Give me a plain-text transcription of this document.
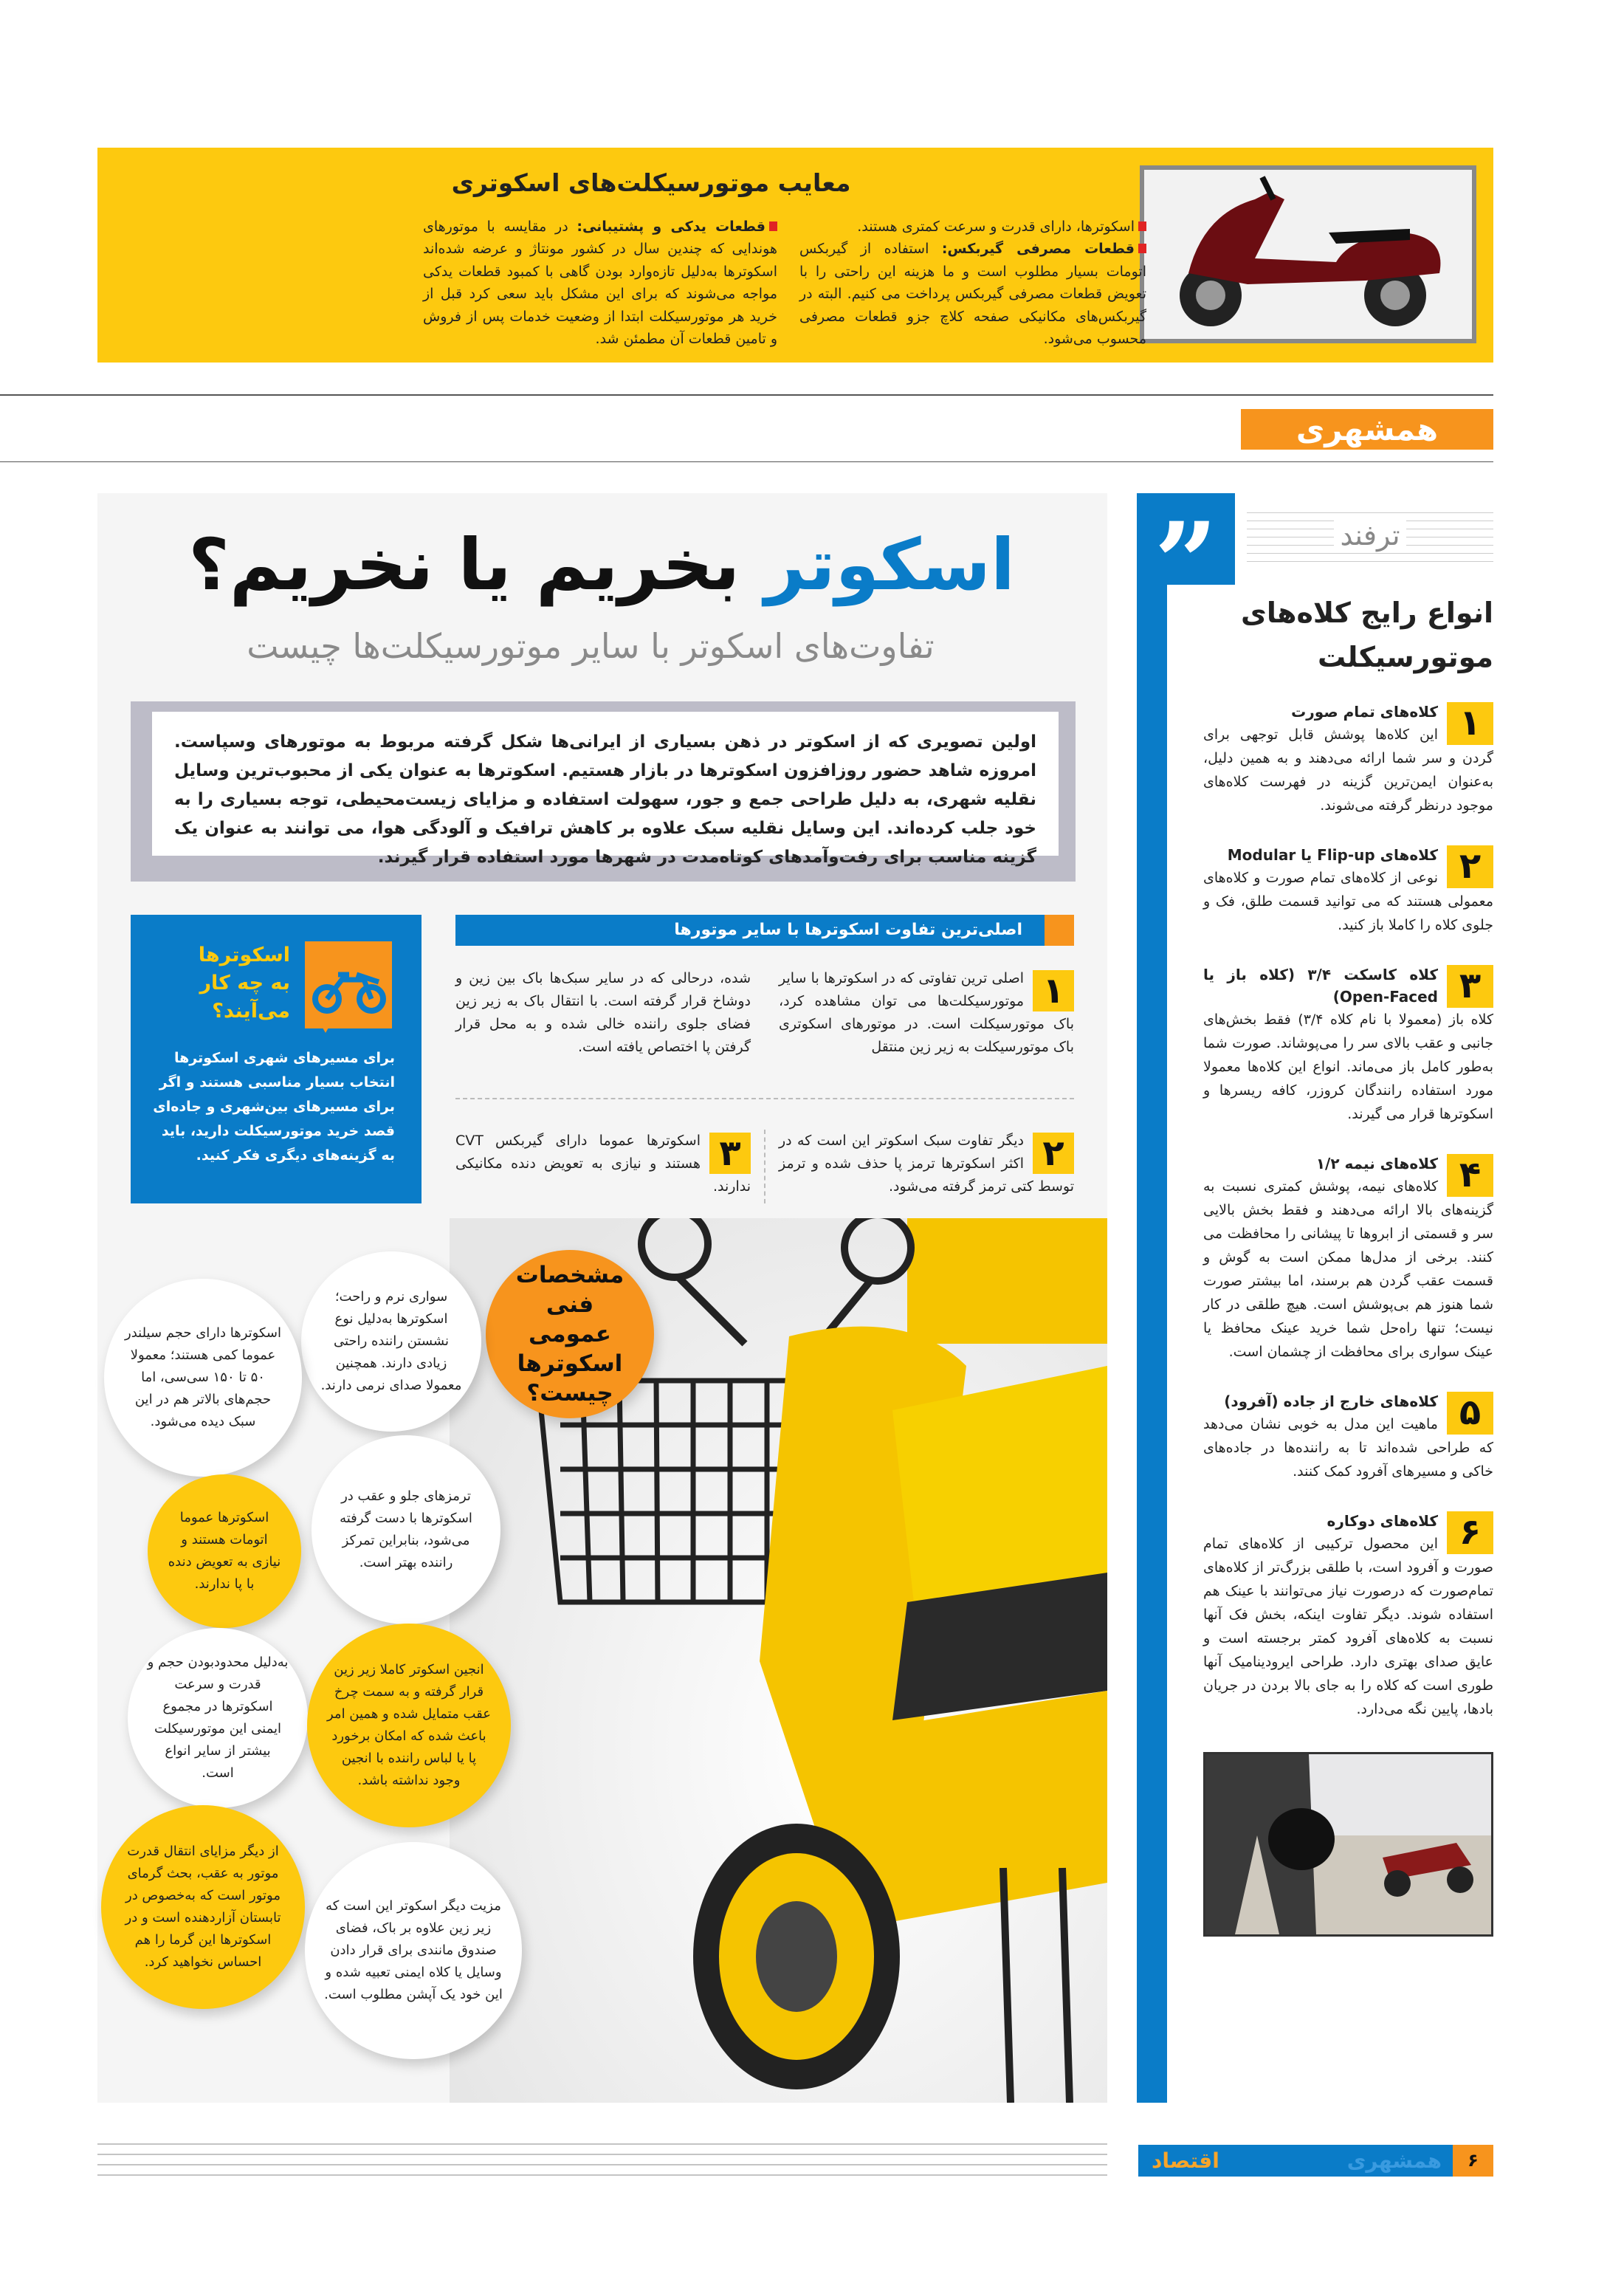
معایب موتورسیکلت‌های اسکوتری

اسکوترها، دارای قدرت و سرعت کمتری هستند.

قطعات مصرفی گیربکس: استفاده از گیربکس اتومات بسیار مطلوب است و ما هزینه این راحتی را با تعویض قطعات مصرفی گیربکس پرداخت می کنیم. البته در گیربکس‌های مکانیکی صفحه کلاچ جزو قطعات مصرفی محسوب می‌شود.

قطعات یدکی و پشتیبانی: در مقایسه با موتورهای هوندایی که چندین سال در کشور مونتاژ و عرضه شده‌اند اسکوترها به‌دلیل تازه‌وارد بودن گاهی با کمبود قطعات یدکی مواجه می‌شوند که برای این مشکل باید سعی کرد قبل از خرید هر موتورسیکلت ابتدا از وضعیت خدمات پس از فروش و تامین قطعات آن مطمئن شد.

همشهری
اسکوتر بخریم یا نخریم؟
تفاوت‌های اسکوتر با سایر موتورسیکلت‌ها چیست
اولین تصویری که از اسکوتر در ذهن بسیاری از ایرانی‌ها شکل گرفته مربوط به موتورهای وسپاست. امروزه شاهد حضور روزافزون اسکوترها در بازار هستیم. اسکوترها به عنوان یکی از محبوب‌ترین وسایل نقلیه شهری، به دلیل طراحی جمع و جور، سهولت استفاده و مزایای زیست‌محیطی، توجه بسیاری را به خود جلب کرده‌اند. این وسایل نقلیه سبک علاوه بر کاهش ترافیک و آلودگی هوا، می توانند به عنوان یک گزینه مناسب برای رفت‌وآمدهای کوتاه‌مدت در شهرها مورد استفاده قرار گیرند.
اسکوترها به چه کار می‌آیند؟

برای مسیرهای شهری اسکوترها انتخاب بسیار مناسبی هستند و اگر برای مسیرهای بین‌شهری و جاده‌ای قصد خرید موتورسیکلت دارید، باید به گزینه‌های دیگری فکر کنید.

اصلی‌ترین تفاوت اسکوترها با سایر موتورها
۱
اصلی ترین تفاوتی که در اسکوترها با سایر موتورسیکلت‌ها می توان مشاهده کرد، باک موتورسیکلت است. در موتورهای اسکوتری باک موتورسیکلت به زیر زین منتقل
شده، درحالی که در سایر سبک‌ها باک بین زین و دوشاخ قرار گرفته است. با انتقال باک به زیر زین فضای جلوی راننده خالی شده و به محل قرار گرفتن پا اختصاص یافته است.
۲
دیگر تفاوت سبک اسکوتر این است که در اکثر اسکوترها ترمز پا حذف شده و ترمز توسط کتی ترمز گرفته می‌شود.
۳
اسکوترها عموما دارای گیربکس CVT هستند و نیازی به تعویض دنده مکانیکی ندارند.
مشخصات فنی عمومی اسکوترها چیست؟
سواری نرم و راحت؛ اسکوترها به‌دلیل نوع نشستن راننده راحتی زیادی دارند. همچنین معمولا صدای نرمی دارند.
اسکوترها دارای حجم سیلندر عموما کمی هستند؛ معمولا ۵۰ تا ۱۵۰ سی‌سی، اما حجم‌های بالاتر هم در این سبک دیده می‌شود.
اسکوترها عموما اتومات هستند و نیازی به تعویض دنده با پا ندارند.
ترمزهای جلو و عقب در اسکوترها با دست گرفته می‌شود، بنابراین تمرکز راننده بهتر است.
به‌دلیل محدودبودن حجم و قدرت و سرعت اسکوترها در مجموع ایمنی این موتورسیکلت بیشتر از سایر انواع است.
انجین اسکوتر کاملا زیر زین قرار گرفته و به سمت چرخ عقب متمایل شده و همین امر باعث شده که امکان برخورد پا یا لباس راننده با انجین وجود نداشته باشد.
از دیگر مزایای انتقال قدرت موتور به عقب، بحث گرمای موتور است که به‌خصوص در تابستان آزاردهنده است و در اسکوترها این گرما را هم احساس نخواهید کرد.
مزیت دیگر اسکوتر این است که زیر زین علاوه بر باک، فضای صندوق مانندی برای قرار دادن وسایل یا کلاه ایمنی تعبیه شده و این خود یک آپشن مطلوب است.
”	ترفند
انواع رایج کلاه‌های موتورسیکلت
۱
کلاه‌های تمام صورت
این کلاه‌ها پوشش قابل توجهی برای گردن و سر شما ارائه می‌دهند و به همین دلیل، به‌عنوان ایمن‌ترین گزینه در فهرست کلاه‌های موجود درنظر گرفته می‌شوند.
۲
کلاه‌های Flip-up یا Modular
نوعی از کلاه‌های تمام صورت و کلاه‌های معمولی هستند که می توانید قسمت طلق، فک و جلوی کلاه را کاملا باز کنید.
۳
کلاه کاسکت ۳/۴ (کلاه باز یا Open-Faced)
کلاه باز (معمولا با نام کلاه ۳/۴) فقط بخش‌های جانبی و عقب بالای سر را می‌پوشاند. صورت شما به‌طور کامل باز می‌ماند. انواع این کلاه‌ها معمولا مورد استفاده رانندگان کروزر، کافه ریسرها و اسکوترها قرار می گیرند.
۴
کلاه‌های نیمه ۱/۲
کلاه‌های نیمه، پوشش کمتری نسبت به گزینه‌های بالا ارائه می‌دهند و فقط بخش بالایی سر و قسمتی از ابروها تا پیشانی را محافظت می کنند. برخی از مدل‌ها ممکن است به گوش و قسمت عقب گردن هم برسند، اما بیشتر صورت شما هنوز هم بی‌پوشش است. هیچ طلقی در کار نیست؛ تنها راه‌حل شما خرید عینک محافظ یا عینک سواری برای محافظت از چشمان است.
۵
کلاه‌های خارج از جاده (آفرود)
ماهیت این مدل به خوبی نشان می‌دهد که طراحی شده‌اند تا به راننده‌ها در جاده‌های خاکی و مسیرهای آفرود کمک کنند.
۶
کلاه‌های دوکاره
این محصول ترکیبی از کلاه‌های تمام صورت و آفرود است، با طلقی بزرگ‌تر از کلاه‌های تمام‌صورت که درصورت نیاز می‌توانند با عینک هم استفاده شوند. دیگر تفاوت اینکه، بخش فک آنها نسبت به کلاه‌های آفرود کمتر برجسته است و عایق صدای بهتری دارد. طراحی ایرودینامیک آنها طوری است که کلاه را به جای بالا بردن در جریان بادها، پایین نگه می‌دارد.
۶
همشهری
اقتصاد
